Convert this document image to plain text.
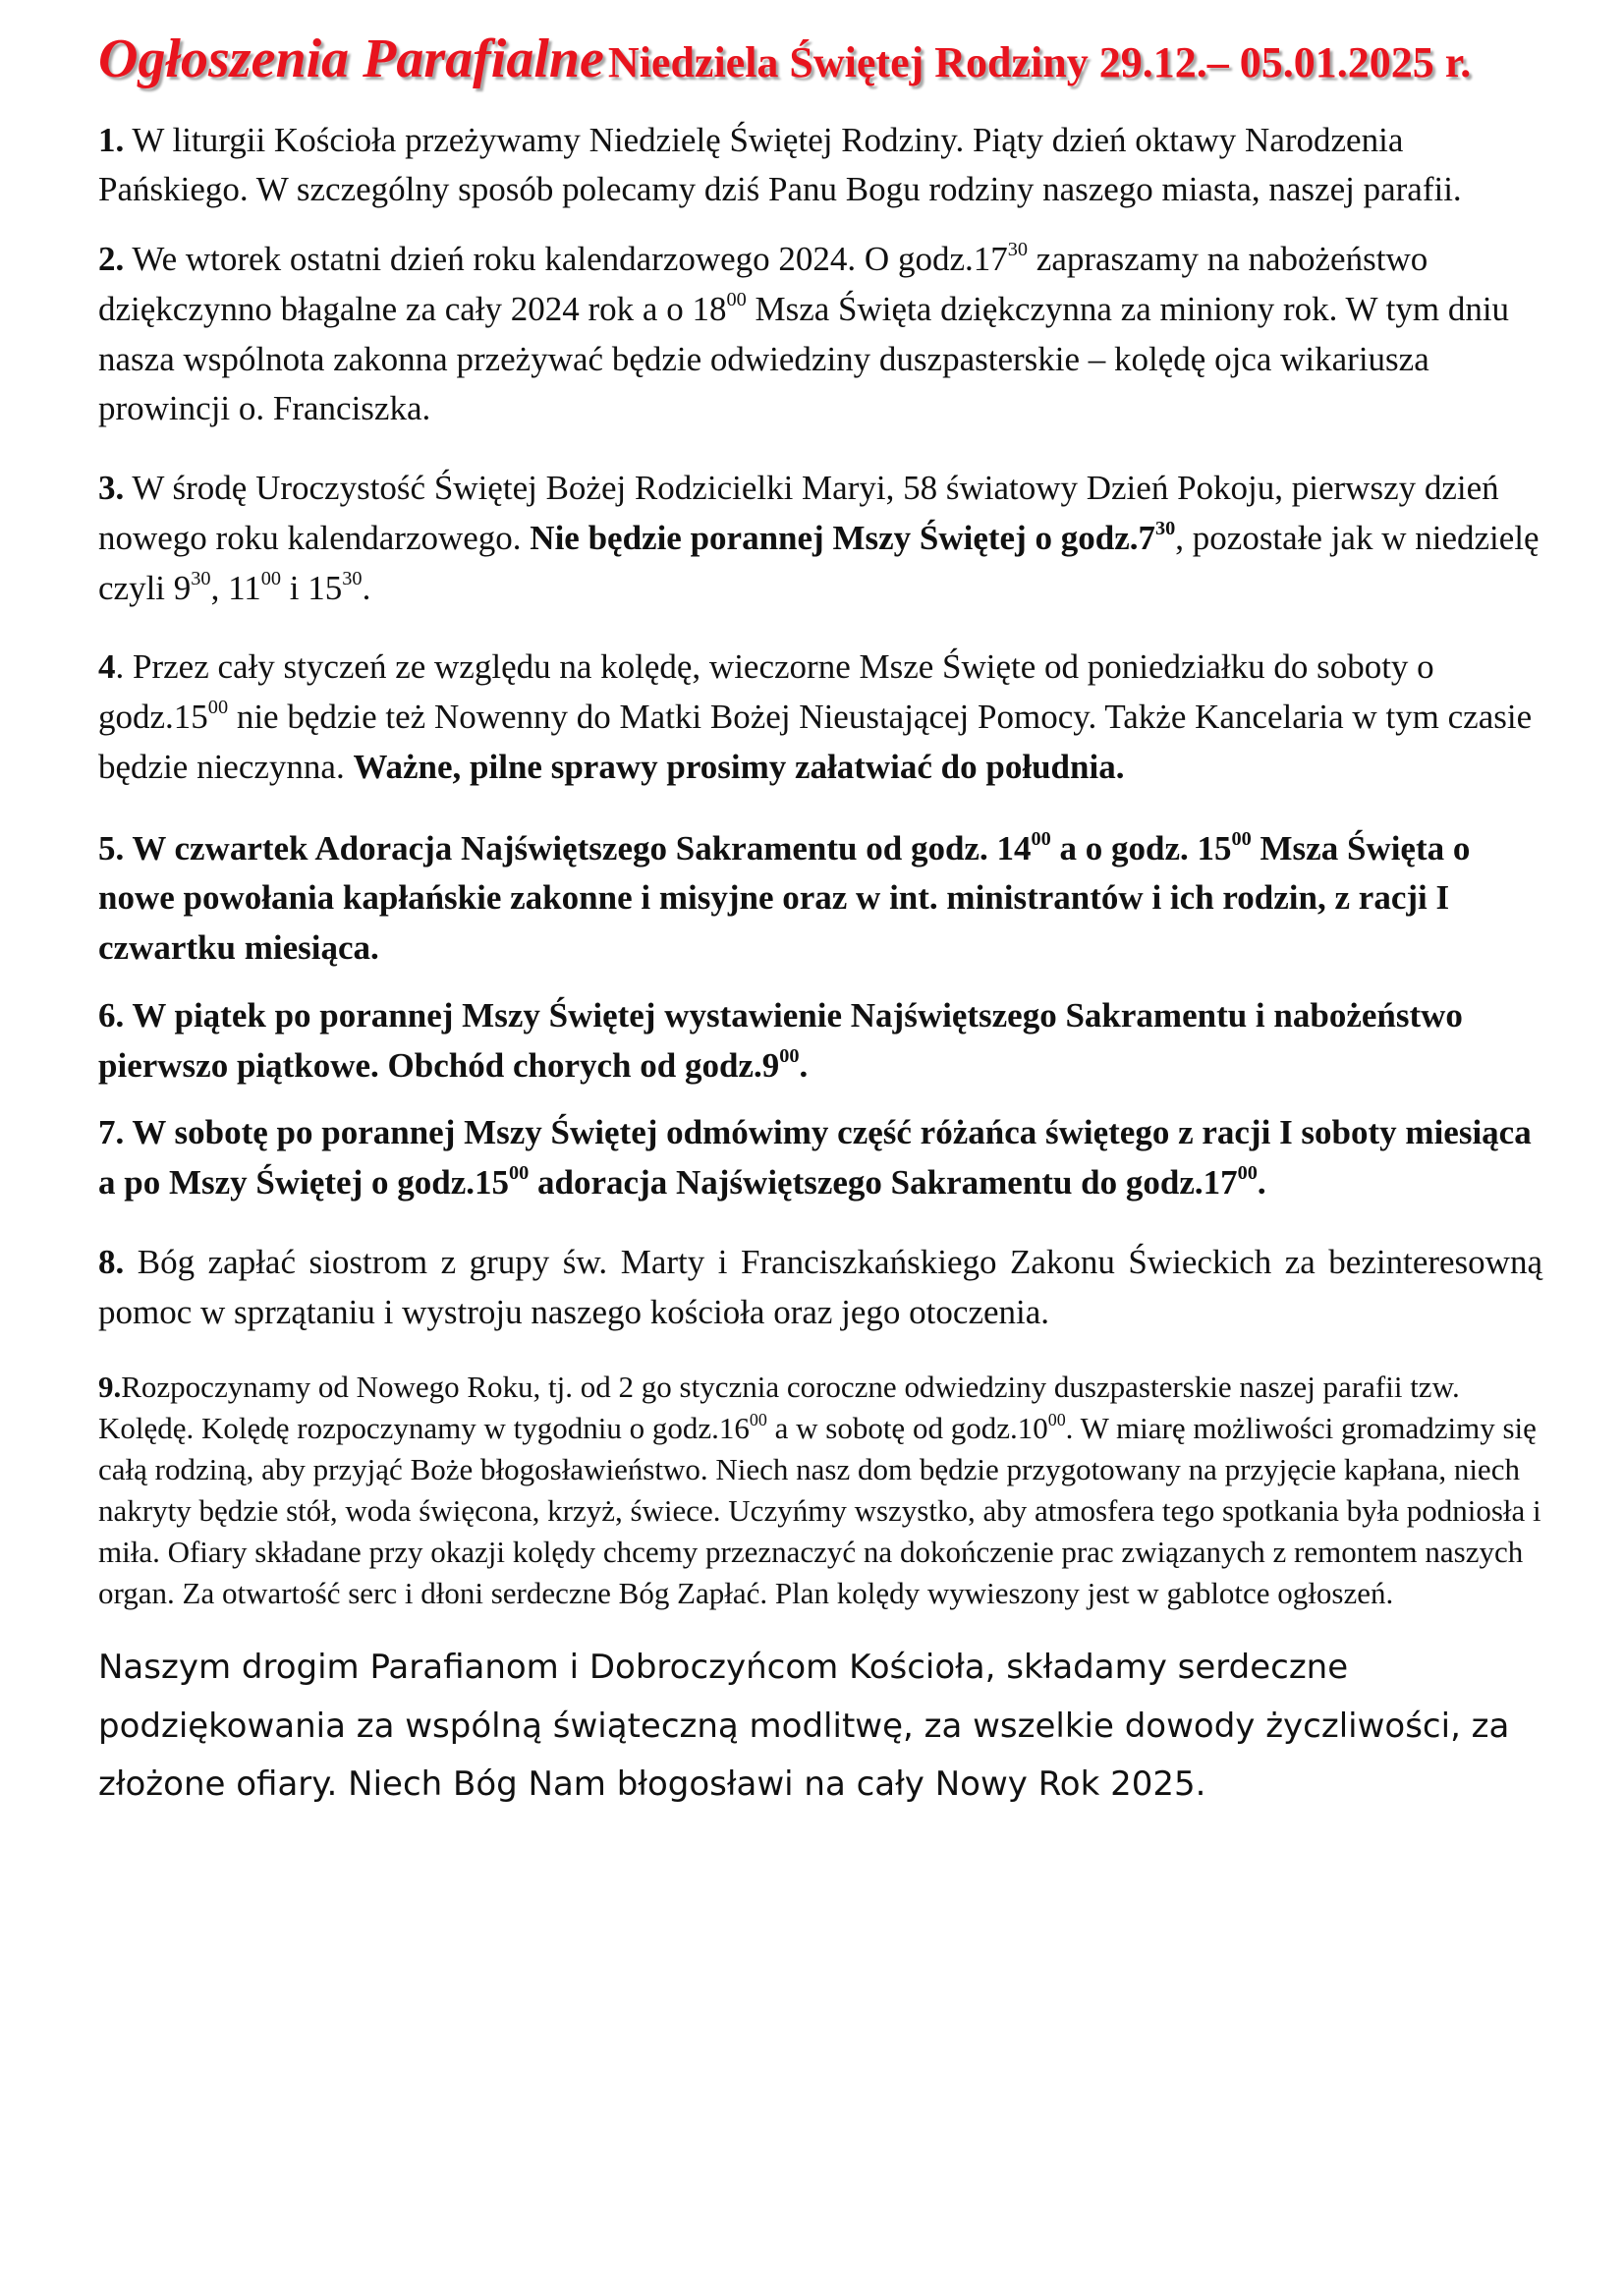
Ogłoszenia Parafialne Niedziela Świętej Rodziny 29.12.– 05.01.2025 r.

1. W liturgii Kościoła przeżywamy Niedzielę Świętej Rodziny. Piąty dzień oktawy Narodzenia Pańskiego. W szczególny sposób polecamy dziś Panu Bogu rodziny naszego miasta, naszej parafii.

2. We wtorek ostatni dzień roku kalendarzowego 2024. O $godz.17^{30}$ zapraszamy na nabożeństwo dziękczynno błagalne za cały 2024 rok a o $18^{00}$ Msza Święta dziękczynna za miniony rok. W tym dniu nasza wspólnota zakonna przeżywać będzie odwiedziny duszpasterskie – kolędę ojca wikariusza prowincji o. Franciszka.

3. W środę Uroczystość Świętej Bożej Rodzicielki Maryi, 58 światowy Dzień Pokoju, pierwszy dzień nowego roku kalendarzowego. Nie będzie porannej Mszy Świętej o $godz.7^{30}$, pozostałe jak w niedzielę czyli $9^{30}$, $11^{00}$ i $15^{30}$.

4. Przez cały styczeń ze względu na kolędę, wieczorne Msze Święte od poniedziałku do soboty o $godz.15^{00}$ nie będzie też Nowenny do Matki Bożej Nieustającej Pomocy. Także Kancelaria w tym czasie będzie nieczynna. Ważne, pilne sprawy prosimy załatwiać do południa.

5. W czwartek Adoracja Najświętszego Sakramentu od godz. $14^{00}$ a o godz. $15^{00}$ Msza Święta o nowe powołania kapłańskie zakonne i misyjne oraz w int. ministrantów i ich rodzin, z racji I czwartku miesiąca.

6. W piątek po porannej Mszy Świętej wystawienie Najświętszego Sakramentu i nabożeństwo pierwszo piątkowe. Obchód chorych od $godz.9^{00}$.

7. W sobotę po porannej Mszy Świętej odmówimy część różańca świętego z racji I soboty miesiąca a po Mszy Świętej o $godz.15^{00}$ adoracja Najświętszego Sakramentu do $godz.17^{00}$.

8. Bóg zapłać siostrom z grupy św. Marty i Franciszkańskiego Zakonu Świeckich za bezinteresowną pomoc w sprzątaniu i wystroju naszego kościoła oraz jego otoczenia.

9.Rozpoczynamy od Nowego Roku, tj. od 2 go stycznia coroczne odwiedziny duszpasterskie naszej parafii tzw. Kolędę. Kolędę rozpoczynamy w tygodniu o $godz.16^{00}$ a w sobotę od $godz.10^{00}$. W miarę możliwości gromadzimy się całą rodziną, aby przyjąć Boże błogosławieństwo. Niech nasz dom będzie przygotowany na przyjęcie kapłana, niech nakryty będzie stół, woda święcona, krzyż, świece. Uczyńmy wszystko, aby atmosfera tego spotkania była podniosła i miła. Ofiary składane przy okazji kolędy chcemy przeznaczyć na dokończenie prac związanych z remontem naszych organ. Za otwartość serc i dłoni serdeczne Bóg Zapłać. Plan kolędy wywieszony jest w gablotce ogłoszeń.

Naszym drogim Parafianom i Dobroczyńcom Kościoła, składamy serdeczne podziękowania za wspólną świąteczną modlitwę, za wszelkie dowody życzliwości, za złożone ofiary. Niech Bóg Nam błogosławi na cały Nowy Rok 2025.
